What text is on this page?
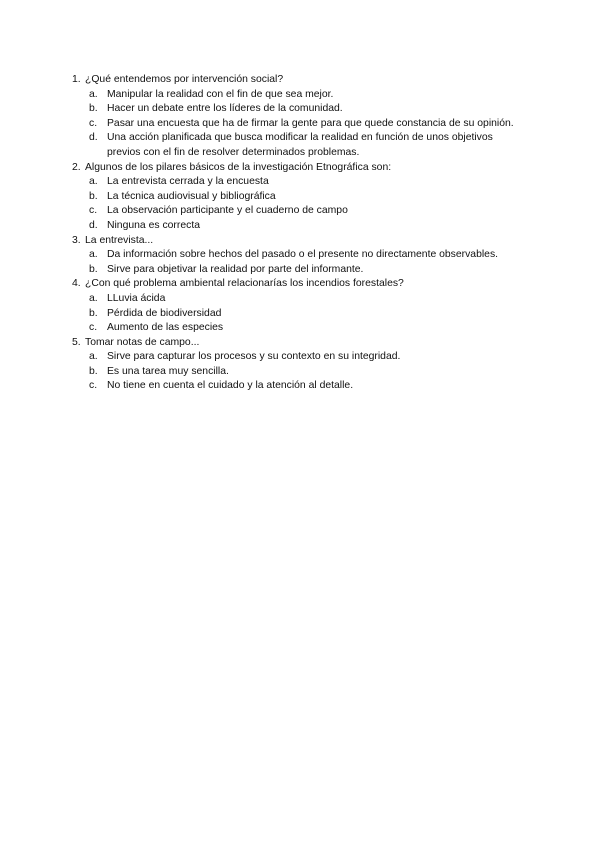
1. ¿Qué entendemos por intervención social?
a. Manipular la realidad con el fin de que sea mejor.
b. Hacer un debate entre los líderes de la comunidad.
c. Pasar una encuesta que ha de firmar la gente para que quede constancia de su opinión.
d. Una acción planificada que busca modificar la realidad en función de unos objetivos previos con el fin de resolver determinados problemas.
2. Algunos de los pilares básicos de la investigación Etnográfica son:
a. La entrevista cerrada y la encuesta
b. La técnica audiovisual y bibliográfica
c. La observación participante y el cuaderno de campo
d. Ninguna es correcta
3. La entrevista...
a. Da información sobre hechos del pasado o el presente no directamente observables.
b. Sirve para objetivar la realidad por parte del informante.
4. ¿Con qué problema ambiental relacionarías los incendios forestales?
a. LLuvia ácida
b. Pérdida de biodiversidad
c. Aumento de las especies
5. Tomar notas de campo...
a. Sirve para capturar los procesos y su contexto en su integridad.
b. Es una tarea muy sencilla.
c. No tiene en cuenta el cuidado y la atención al detalle.
